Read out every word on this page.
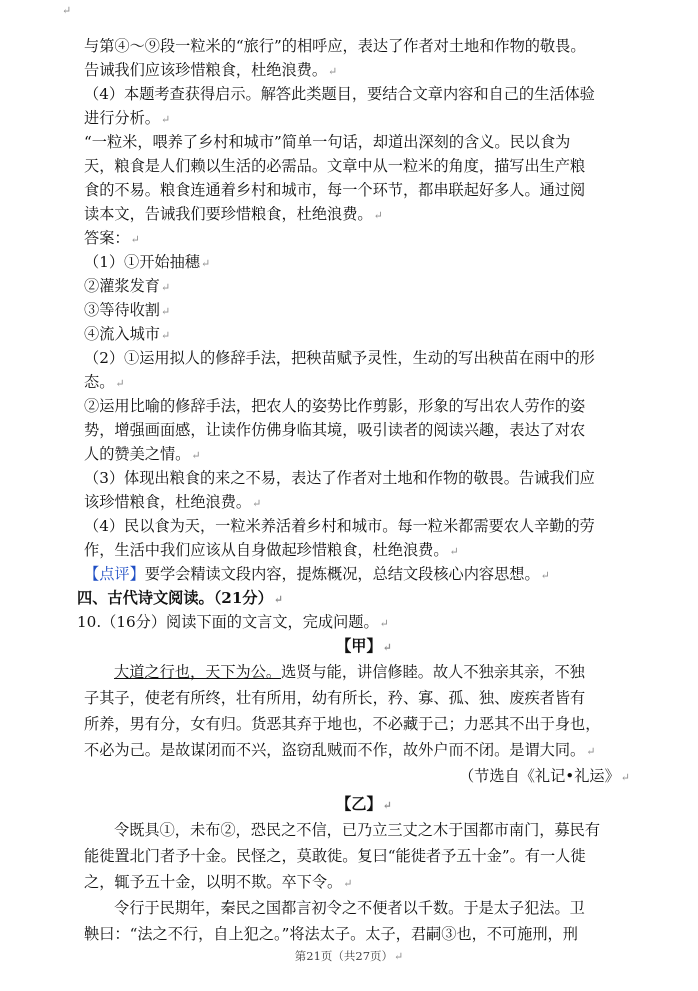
↵
与第④～⑨段一粒米的“旅行”的相呼应，表达了作者对土地和作物的敬畏。
告诫我们应该珍惜粮食，杜绝浪费。↵
（4）本题考查获得启示。解答此类题目，要结合文章内容和自己的生活体验
进行分析。↵
“一粒米，喂养了乡村和城市”简单一句话，却道出深刻的含义。民以食为
天，粮食是人们赖以生活的必需品。文章中从一粒米的角度，描写出生产粮
食的不易。粮食连通着乡村和城市，每一个环节，都串联起好多人。通过阅
读本文，告诫我们要珍惜粮食，杜绝浪费。↵
答案：↵
（1）①开始抽穗↵
②灌浆发育↵
③等待收割↵
④流入城市↵
（2）①运用拟人的修辞手法，把秧苗赋予灵性，生动的写出秧苗在雨中的形
态。↵
②运用比喻的修辞手法，把农人的姿势比作剪影，形象的写出农人劳作的姿
势，增强画面感，让读作仿佛身临其境，吸引读者的阅读兴趣，表达了对农
人的赞美之情。↵
（3）体现出粮食的来之不易，表达了作者对土地和作物的敬畏。告诫我们应
该珍惜粮食，杜绝浪费。↵
（4）民以食为天，一粒米养活着乡村和城市。每一粒米都需要农人辛勤的劳
作，生活中我们应该从自身做起珍惜粮食，杜绝浪费。↵
【点评】要学会精读文段内容，提炼概况，总结文段核心内容思想。↵
四、古代诗文阅读。（21分）↵
10.（16分）阅读下面的文言文，完成问题。↵
【甲】↵
大道之行也，天下为公。选贤与能，讲信修睦。故人不独亲其亲，不独
子其子，使老有所终，壮有所用，幼有所长，矜、寡、孤、独、废疾者皆有
所养，男有分，女有归。货恶其弃于地也，不必藏于己；力恶其不出于身也，
不必为己。是故谋闭而不兴，盗窃乱贼而不作，故外户而不闭。是谓大同。↵
（节选自《礼记•礼运》↵
【乙】↵
令既具①，未布②，恐民之不信，已乃立三丈之木于国都市南门，募民有
能徙置北门者予十金。民怪之，莫敢徙。复曰“能徙者予五十金”。有一人徙
之，辄予五十金，以明不欺。卒下令。↵
令行于民期年，秦民之国都言初令之不便者以千数。于是太子犯法。卫
鞅曰：“法之不行，自上犯之。”将法太子。太子，君嗣③也，不可施刑，刑
第21页（共27页）↵
